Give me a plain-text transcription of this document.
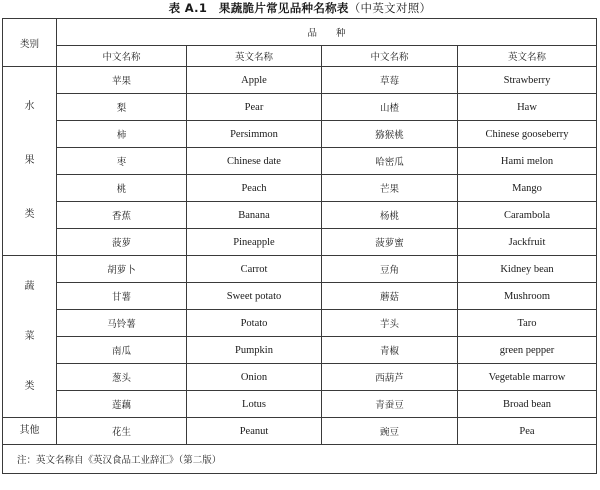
表 A.1　果蔬脆片常见品种名称表（中英文对照）
类别	品　　种			
	中文名称	英文名称	中文名称	英文名称

水
果
类	苹果	Apple	草莓	Strawberry
	梨	Pear	山楂	Haw
	柿	Persimmon	猕猴桃	Chinese gooseberry
	枣	Chinese date	哈密瓜	Hami melon
	桃	Peach	芒果	Mango
	香蕉	Banana	杨桃	Carambola
	菠萝	Pineapple	菠萝蜜	Jackfruit

蔬
菜
类	胡萝卜	Carrot	豆角	Kidney bean
	甘薯	Sweet potato	蘑菇	Mushroom
	马铃薯	Potato	芋头	Taro
	南瓜	Pumpkin	青椒	green pepper
	葱头	Onion	西葫芦	Vegetable marrow
	莲藕	Lotus	青蚕豆	Broad bean

其他	花生	Peanut	豌豆	Pea
注：英文名称自《英汉食品工业辞汇》（第二版）				
